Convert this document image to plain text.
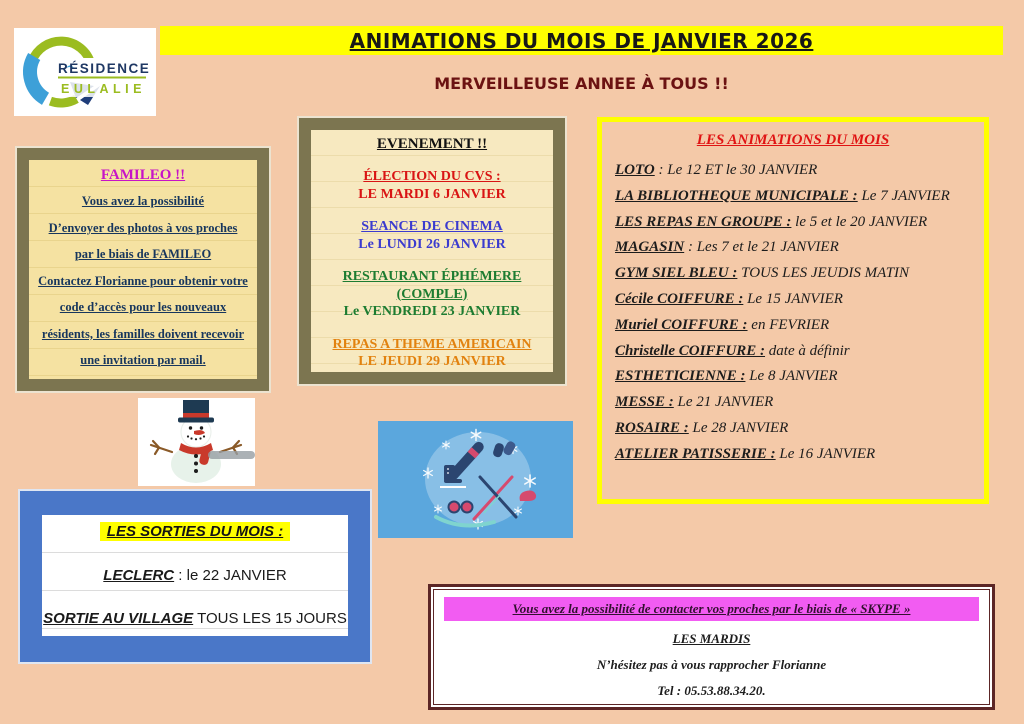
RÉSIDENCE
EULALIE
ANIMATIONS DU MOIS DE JANVIER 2026
MERVEILLEUSE ANNEE À TOUS !!
FAMILEO !!
Vous avez la possibilité
D’envoyer des photos à vos proches
par le biais de FAMILEO
Contactez Florianne pour obtenir votre
code d’accès pour les nouveaux
résidents, les familles doivent recevoir
une invitation par mail.
EVENEMENT !!
ÉLECTION DU CVS :
LE MARDI 6 JANVIER
SEANCE DE CINEMA
Le LUNDI 26 JANVIER
RESTAURANT ÉPHÉMERE
(COMPLE)
Le VENDREDI 23 JANVIER
REPAS A THEME AMERICAIN
LE JEUDI 29 JANVIER
LES ANIMATIONS DU MOIS
LOTO : Le 12 ET le 30 JANVIER
LA BIBLIOTHEQUE MUNICIPALE : Le 7 JANVIER
LES REPAS EN GROUPE : le 5 et le 20 JANVIER
MAGASIN : Les 7 et le 21 JANVIER
GYM SIEL BLEU : TOUS LES JEUDIS MATIN
Cécile COIFFURE : Le 15 JANVIER
Muriel COIFFURE : en FEVRIER
Christelle COIFFURE : date à définir
ESTHETICIENNE : Le 8 JANVIER
MESSE : Le 21 JANVIER
ROSAIRE : Le 28 JANVIER
ATELIER PATISSERIE : Le 16 JANVIER
LES SORTIES DU MOIS :
LECLERC : le 22 JANVIER
SORTIE AU VILLAGE TOUS LES 15 JOURS
Vous avez la possibilité de contacter vos proches par le biais de « SKYPE »
LES MARDIS
N’hésitez pas à vous rapprocher Florianne
Tel : 05.53.88.34.20.
